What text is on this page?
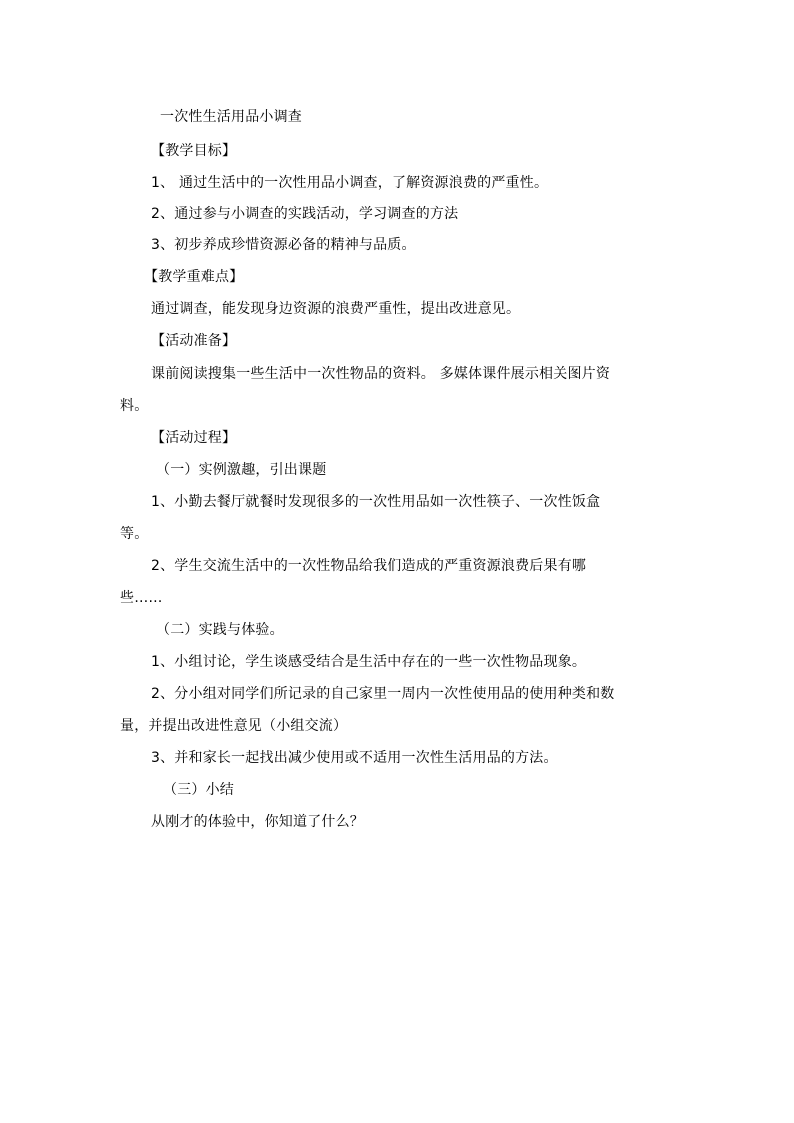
一次性生活用品小调查

【教学目标】

1、 通过生活中的一次性用品小调查，了解资源浪费的严重性。

2、通过参与小调查的实践活动，学习调查的方法

3、初步养成珍惜资源必备的精神与品质。

【教学重难点】

通过调查，能发现身边资源的浪费严重性，提出改进意见。

【活动准备】

课前阅读搜集一些生活中一次性物品的资料。 多媒体课件展示相关图片资

料。

【活动过程】

（一）实例激趣，引出课题

1、小勤去餐厅就餐时发现很多的一次性用品如一次性筷子、一次性饭盒

等。

2、学生交流生活中的一次性物品给我们造成的严重资源浪费后果有哪

些……

（二）实践与体验。

1、小组讨论，学生谈感受结合是生活中存在的一些一次性物品现象。

2、分小组对同学们所记录的自己家里一周内一次性使用品的使用种类和数

量，并提出改进性意见（小组交流）

3、并和家长一起找出减少使用或不适用一次性生活用品的方法。

（三）小结

从刚才的体验中，你知道了什么？
